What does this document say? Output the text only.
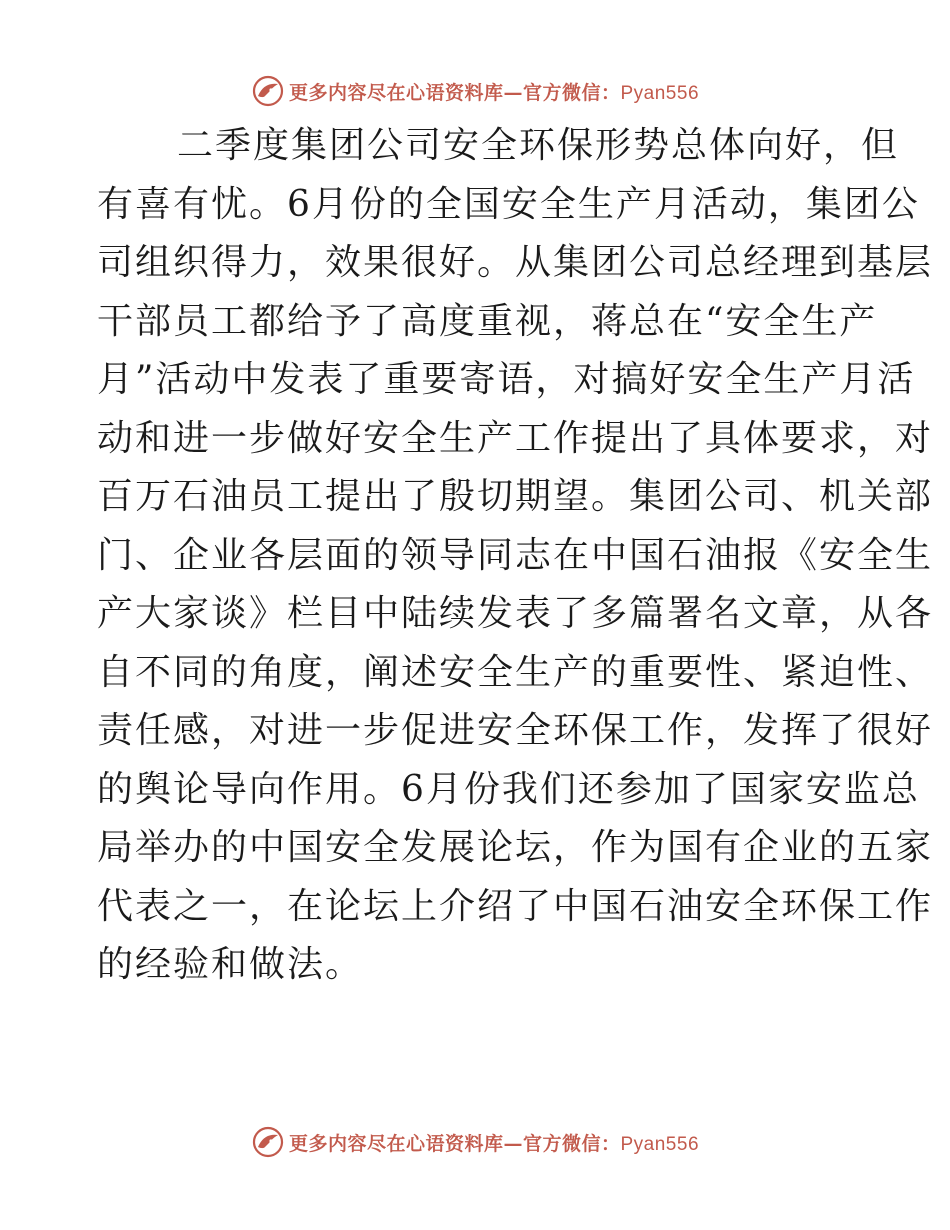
更多内容尽在心语资料库—官方微信：Pyan556
二季度集团公司安全环保形势总体向好，但
有喜有忧。6月份的全国安全生产月活动，集团公
司组织得力，效果很好。从集团公司总经理到基层
干部员工都给予了高度重视，蒋总在“安全生产
月”活动中发表了重要寄语，对搞好安全生产月活
动和进一步做好安全生产工作提出了具体要求，对
百万石油员工提出了殷切期望。集团公司、机关部
门、企业各层面的领导同志在中国石油报《安全生
产大家谈》栏目中陆续发表了多篇署名文章，从各
自不同的角度，阐述安全生产的重要性、紧迫性、
责任感，对进一步促进安全环保工作，发挥了很好
的舆论导向作用。6月份我们还参加了国家安监总
局举办的中国安全发展论坛，作为国有企业的五家
代表之一，在论坛上介绍了中国石油安全环保工作
的经验和做法。
更多内容尽在心语资料库—官方微信：Pyan556
